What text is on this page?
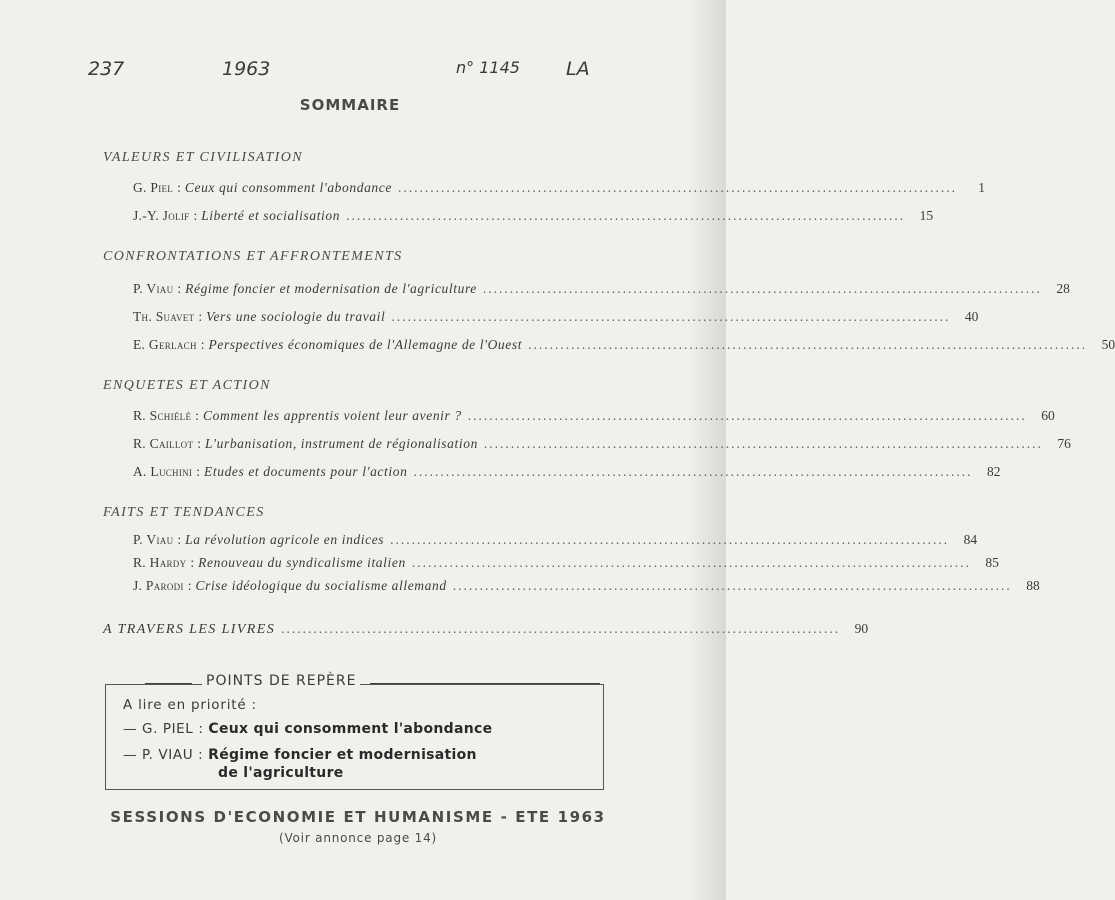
237	1963	n° 1145 LA
SOMMAIRE
VALEURS ET CIVILISATION
G. Piel : Ceux qui consomment l'abondance ........................................................................................................	1
J.-Y. Jolif : Liberté et socialisation ........................................................................................................	15
CONFRONTATIONS ET AFFRONTEMENTS
P. Viau : Régime foncier et modernisation de l'agriculture ........................................................................................................	28
Th. Suavet : Vers une sociologie du travail ........................................................................................................	40
E. Gerlach : Perspectives économiques de l'Allemagne de l'Ouest ........................................................................................................	50
ENQUETES ET ACTION
R. Schiélé : Comment les apprentis voient leur avenir ? ........................................................................................................	60
R. Caillot : L'urbanisation, instrument de régionalisation ........................................................................................................	76
A. Luchini : Etudes et documents pour l'action ........................................................................................................	82
FAITS ET TENDANCES
P. Viau : La révolution agricole en indices ........................................................................................................	84
R. Hardy : Renouveau du syndicalisme italien ........................................................................................................	85
J. Parodi : Crise idéologique du socialisme allemand ........................................................................................................	88
A TRAVERS LES LIVRES ........................................................................................................	90
A lire en priorité :
— G. PIEL : Ceux qui consomment l'abondance
— P. VIAU : Régime foncier et modernisation
de l'agriculture
POINTS DE REPÈRE
SESSIONS D'ECONOMIE ET HUMANISME - ETE 1963
(Voir annonce page 14)
